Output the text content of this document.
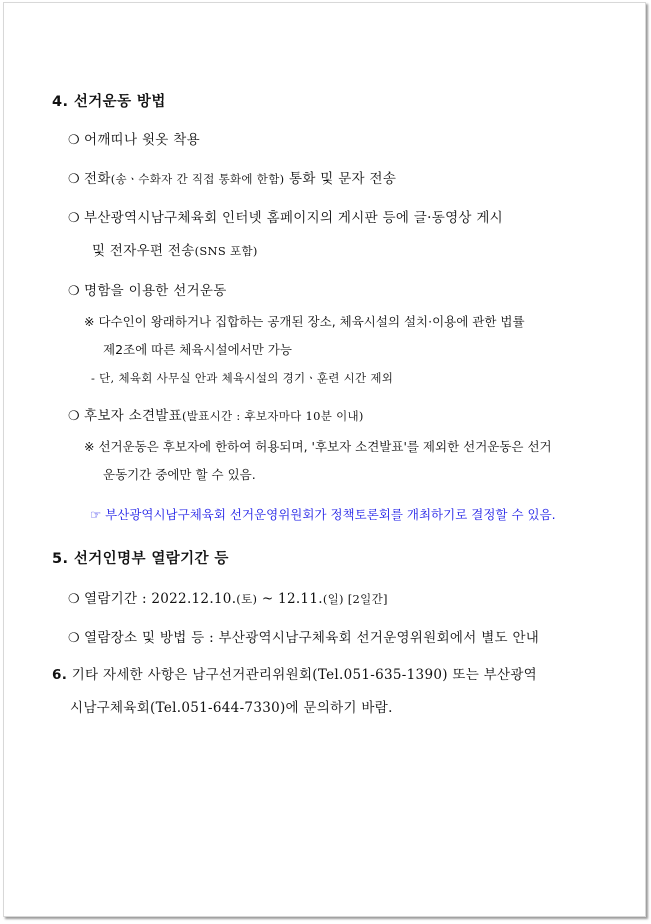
4. 선거운동 방법
❍ 어깨띠나 윗옷 착용
❍ 전화(송ㆍ수화자 간 직접 통화에 한함) 통화 및 문자 전송
❍ 부산광역시남구체육회 인터넷 홈페이지의 게시판 등에 글·동영상 게시
및 전자우편 전송(SNS 포함)
❍ 명함을 이용한 선거운동
※ 다수인이 왕래하거나 집합하는 공개된 장소, 체육시설의 설치·이용에 관한 법률
제2조에 따른 체육시설에서만 가능
- 단, 체육회 사무실 안과 체육시설의 경기ㆍ훈련 시간 제외
❍ 후보자 소견발표(발표시간 : 후보자마다 10분 이내)
※ 선거운동은 후보자에 한하여 허용되며, '후보자 소견발표'를 제외한 선거운동은 선거
운동기간 중에만 할 수 있음.
☞ 부산광역시남구체육회 선거운영위원회가 정책토론회를 개최하기로 결정할 수 있음.
5. 선거인명부 열람기간 등
❍ 열람기간 : 2022.12.10.(토) ~ 12.11.(일) [2일간]
❍ 열람장소 및 방법 등 : 부산광역시남구체육회 선거운영위원회에서 별도 안내
6. 기타 자세한 사항은 남구선거관리위원회(Tel.051-635-1390) 또는 부산광역
시남구체육회(Tel.051-644-7330)에 문의하기 바람.
